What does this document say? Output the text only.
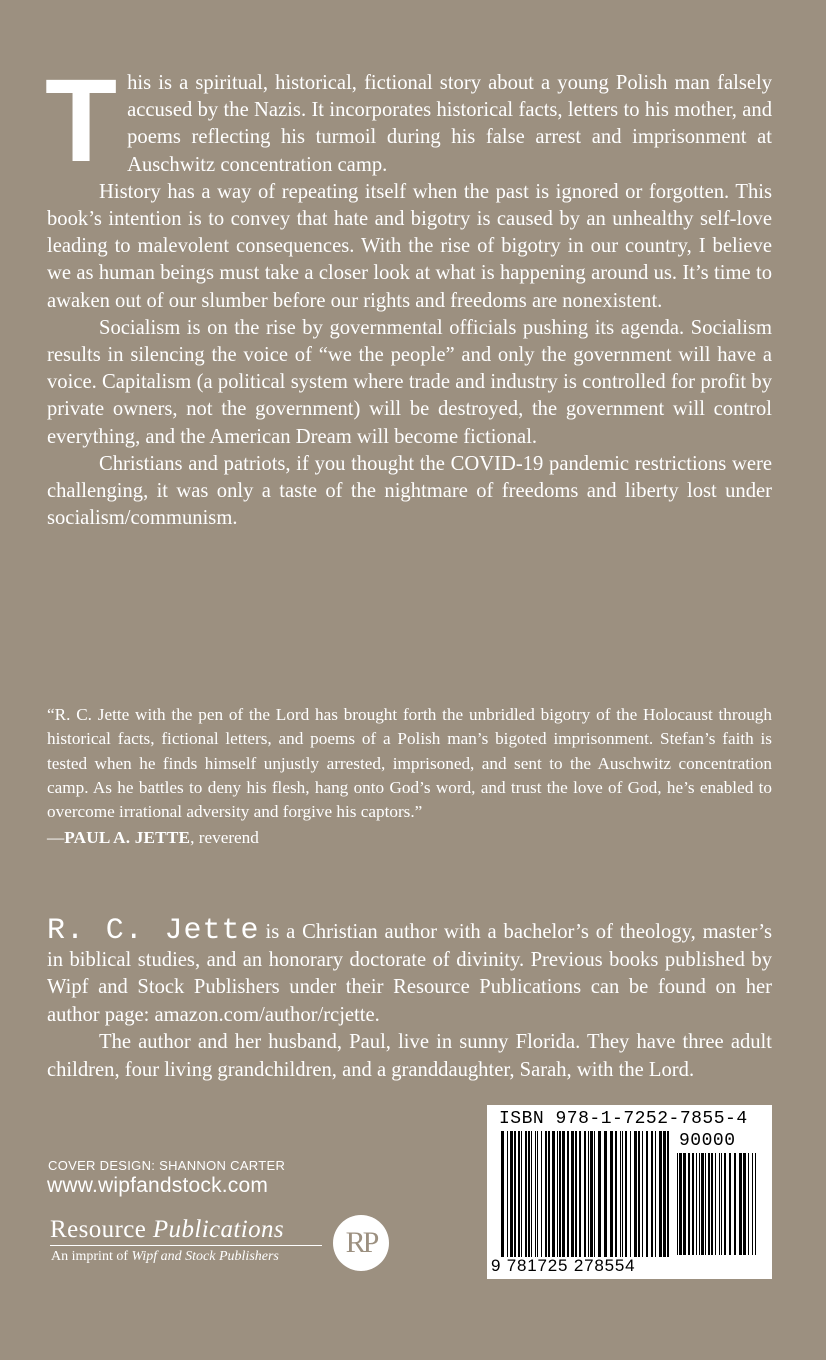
This is a spiritual, historical, fictional story about a young Polish man falsely accused by the Nazis. It incorporates historical facts, letters to his mother, and poems reflecting his turmoil during his false arrest and imprisonment at Auschwitz concentration camp.

History has a way of repeating itself when the past is ignored or forgotten. This book’s intention is to convey that hate and bigotry is caused by an unhealthy self-love leading to malevolent consequences. With the rise of bigotry in our country, I believe we as human beings must take a closer look at what is happening around us. It’s time to awaken out of our slumber before our rights and freedoms are nonexistent.

Socialism is on the rise by governmental officials pushing its agenda. Socialism results in silencing the voice of “we the people” and only the government will have a voice. Capitalism (a political system where trade and industry is controlled for profit by private owners, not the government) will be destroyed, the government will control everything, and the American Dream will become fictional.

Christians and patriots, if you thought the COVID-19 pandemic restrictions were challenging, it was only a taste of the nightmare of freedoms and liberty lost under socialism/communism.

“R. C. Jette with the pen of the Lord has brought forth the unbridled bigotry of the Holocaust through historical facts, fictional letters, and poems of a Polish man’s bigoted imprisonment. Stefan’s faith is tested when he finds himself unjustly arrested, imprisoned, and sent to the Auschwitz concentration camp. As he battles to deny his flesh, hang onto God’s word, and trust the love of God, he’s enabled to overcome irrational adversity and forgive his captors.”

—PAUL A. JETTE, reverend

R. C. Jette is a Christian author with a bachelor’s of theology, master’s in biblical studies, and an honorary doctorate of divinity. Previous books published by Wipf and Stock Publishers under their Resource Publications can be found on her author page: amazon.com/author/rcjette.

The author and her husband, Paul, live in sunny Florida. They have three adult children, four living grandchildren, and a granddaughter, Sarah, with the Lord.

COVER DESIGN: SHANNON CARTER
www.wipfandstock.com
Resource Publications
An imprint of Wipf and Stock Publishers	RP
ISBN 978-1-7252-7855-4
90000
9 781725 278554
